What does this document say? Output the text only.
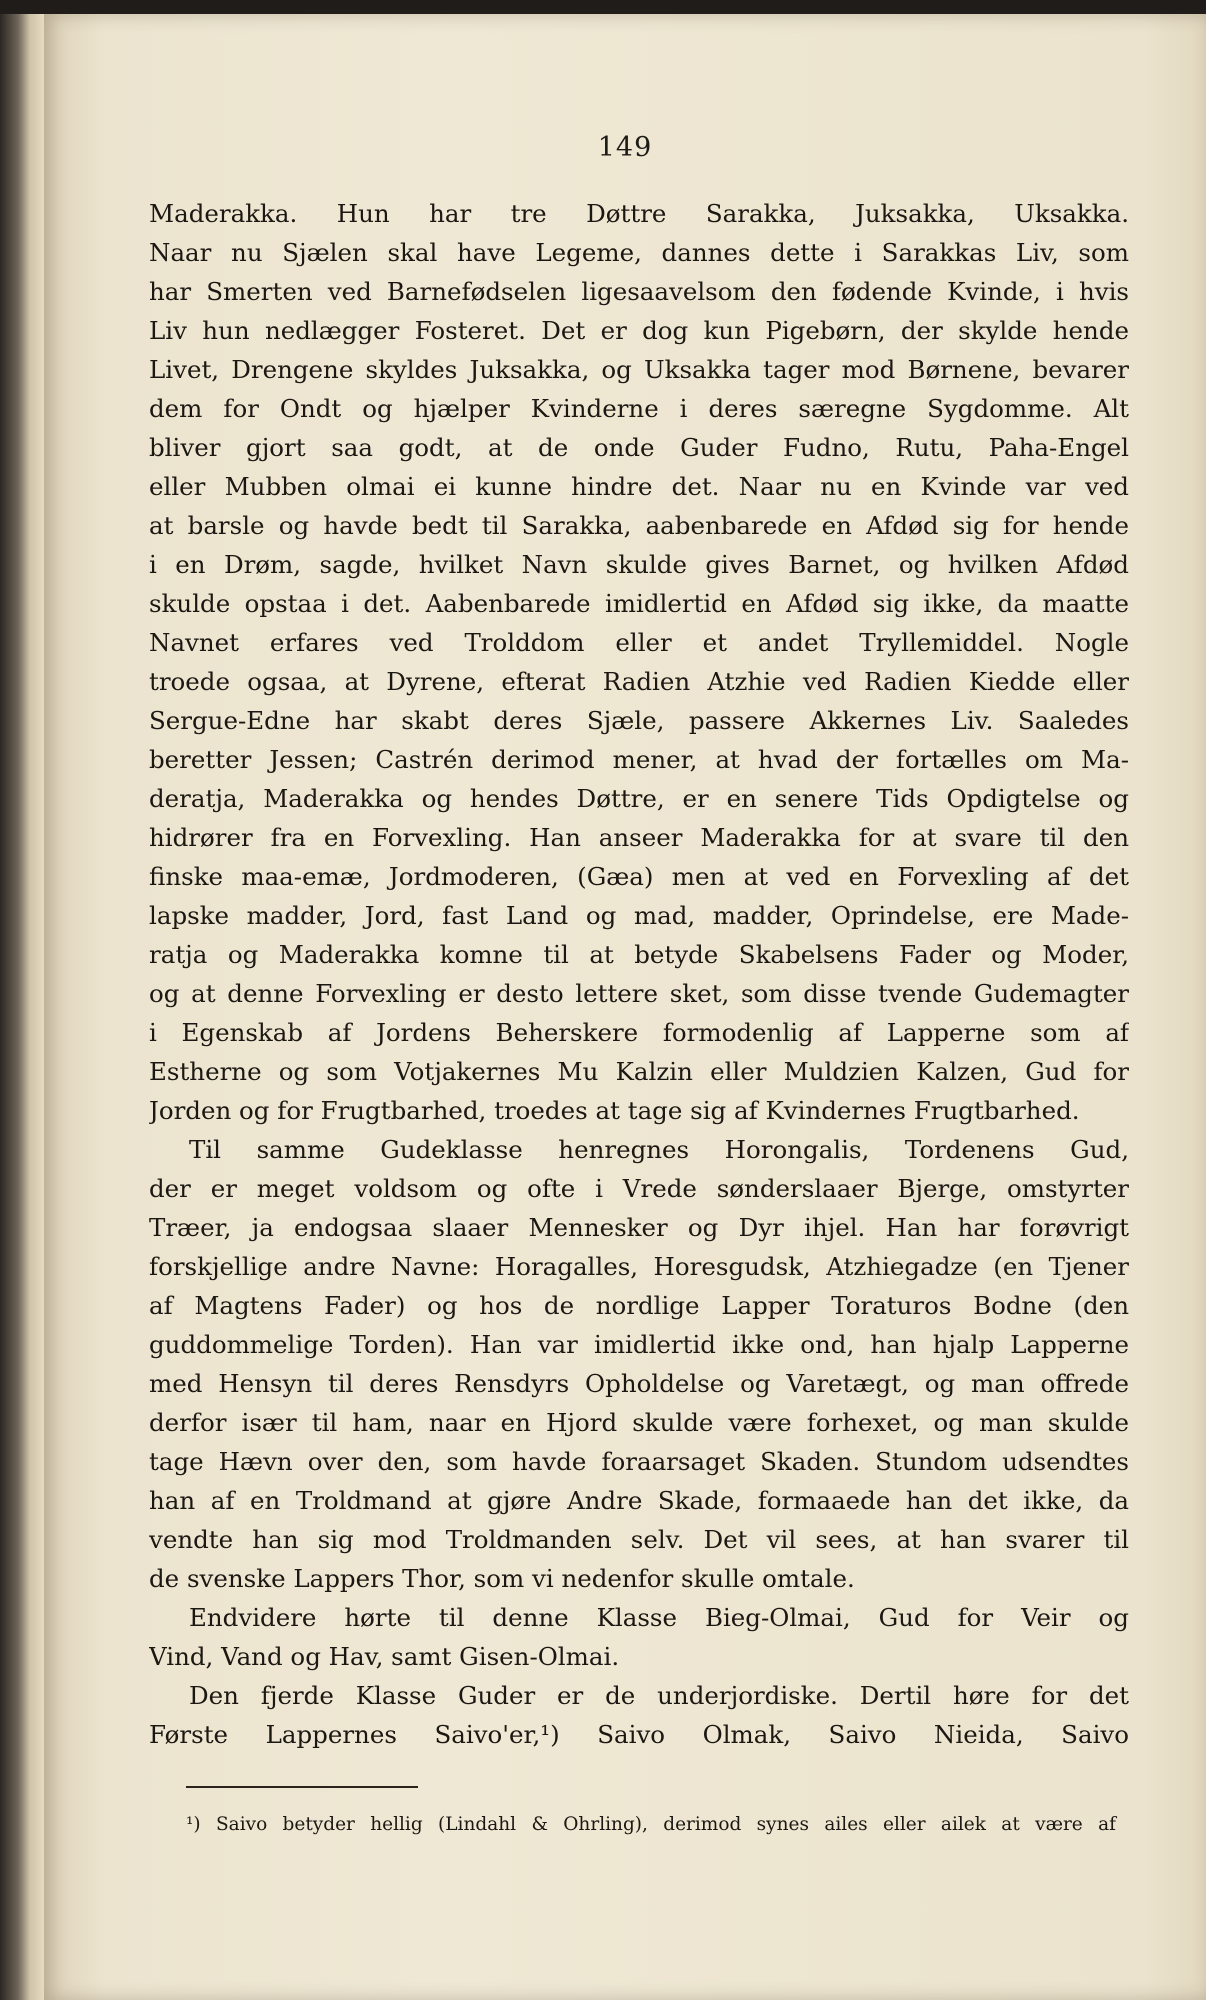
149
Maderakka. Hun har tre Døttre Sarakka, Juksakka, Uksakka.
Naar nu Sjælen skal have Legeme, dannes dette i Sarakkas Liv, som
har Smerten ved Barnefødselen ligesaavelsom den fødende Kvinde, i hvis
Liv hun nedlægger Fosteret. Det er dog kun Pigebørn, der skylde hende
Livet, Drengene skyldes Juksakka, og Uksakka tager mod Børnene, bevarer
dem for Ondt og hjælper Kvinderne i deres særegne Sygdomme. Alt
bliver gjort saa godt, at de onde Guder Fudno, Rutu, Paha-Engel
eller Mubben olmai ei kunne hindre det. Naar nu en Kvinde var ved
at barsle og havde bedt til Sarakka, aabenbarede en Afdød sig for hende
i en Drøm, sagde, hvilket Navn skulde gives Barnet, og hvilken Afdød
skulde opstaa i det. Aabenbarede imidlertid en Afdød sig ikke, da maatte
Navnet erfares ved Trolddom eller et andet Tryllemiddel. Nogle
troede ogsaa, at Dyrene, efterat Radien Atzhie ved Radien Kiedde eller
Sergue-Edne har skabt deres Sjæle, passere Akkernes Liv. Saaledes
beretter Jessen; Castrén derimod mener, at hvad der fortælles om Ma-
deratja, Maderakka og hendes Døttre, er en senere Tids Opdigtelse og
hidrører fra en Forvexling. Han anseer Maderakka for at svare til den
finske maa-emæ, Jordmoderen, (Gæa) men at ved en Forvexling af det
lapske madder, Jord, fast Land og mad, madder, Oprindelse, ere Made-
ratja og Maderakka komne til at betyde Skabelsens Fader og Moder,
og at denne Forvexling er desto lettere sket, som disse tvende Gudemagter
i Egenskab af Jordens Beherskere formodenlig af Lapperne som af
Estherne og som Votjakernes Mu Kalzin eller Muldzien Kalzen, Gud for
Jorden og for Frugtbarhed, troedes at tage sig af Kvindernes Frugtbarhed.
Til samme Gudeklasse henregnes Horongalis, Tordenens Gud,
der er meget voldsom og ofte i Vrede sønderslaaer Bjerge, omstyrter
Træer, ja endogsaa slaaer Mennesker og Dyr ihjel. Han har forøvrigt
forskjellige andre Navne: Horagalles, Horesgudsk, Atzhiegadze (en Tjener
af Magtens Fader) og hos de nordlige Lapper Toraturos Bodne (den
guddommelige Torden). Han var imidlertid ikke ond, han hjalp Lapperne
med Hensyn til deres Rensdyrs Opholdelse og Varetægt, og man offrede
derfor især til ham, naar en Hjord skulde være forhexet, og man skulde
tage Hævn over den, som havde foraarsaget Skaden. Stundom udsendtes
han af en Troldmand at gjøre Andre Skade, formaaede han det ikke, da
vendte han sig mod Troldmanden selv. Det vil sees, at han svarer til
de svenske Lappers Thor, som vi nedenfor skulle omtale.
Endvidere hørte til denne Klasse Bieg-Olmai, Gud for Veir og
Vind, Vand og Hav, samt Gisen-Olmai.
Den fjerde Klasse Guder er de underjordiske. Dertil høre for det
Første Lappernes Saivo'er,¹) Saivo Olmak, Saivo Nieida, Saivo
¹) Saivo betyder hellig (Lindahl & Ohrling), derimod synes ailes eller ailek at være af
